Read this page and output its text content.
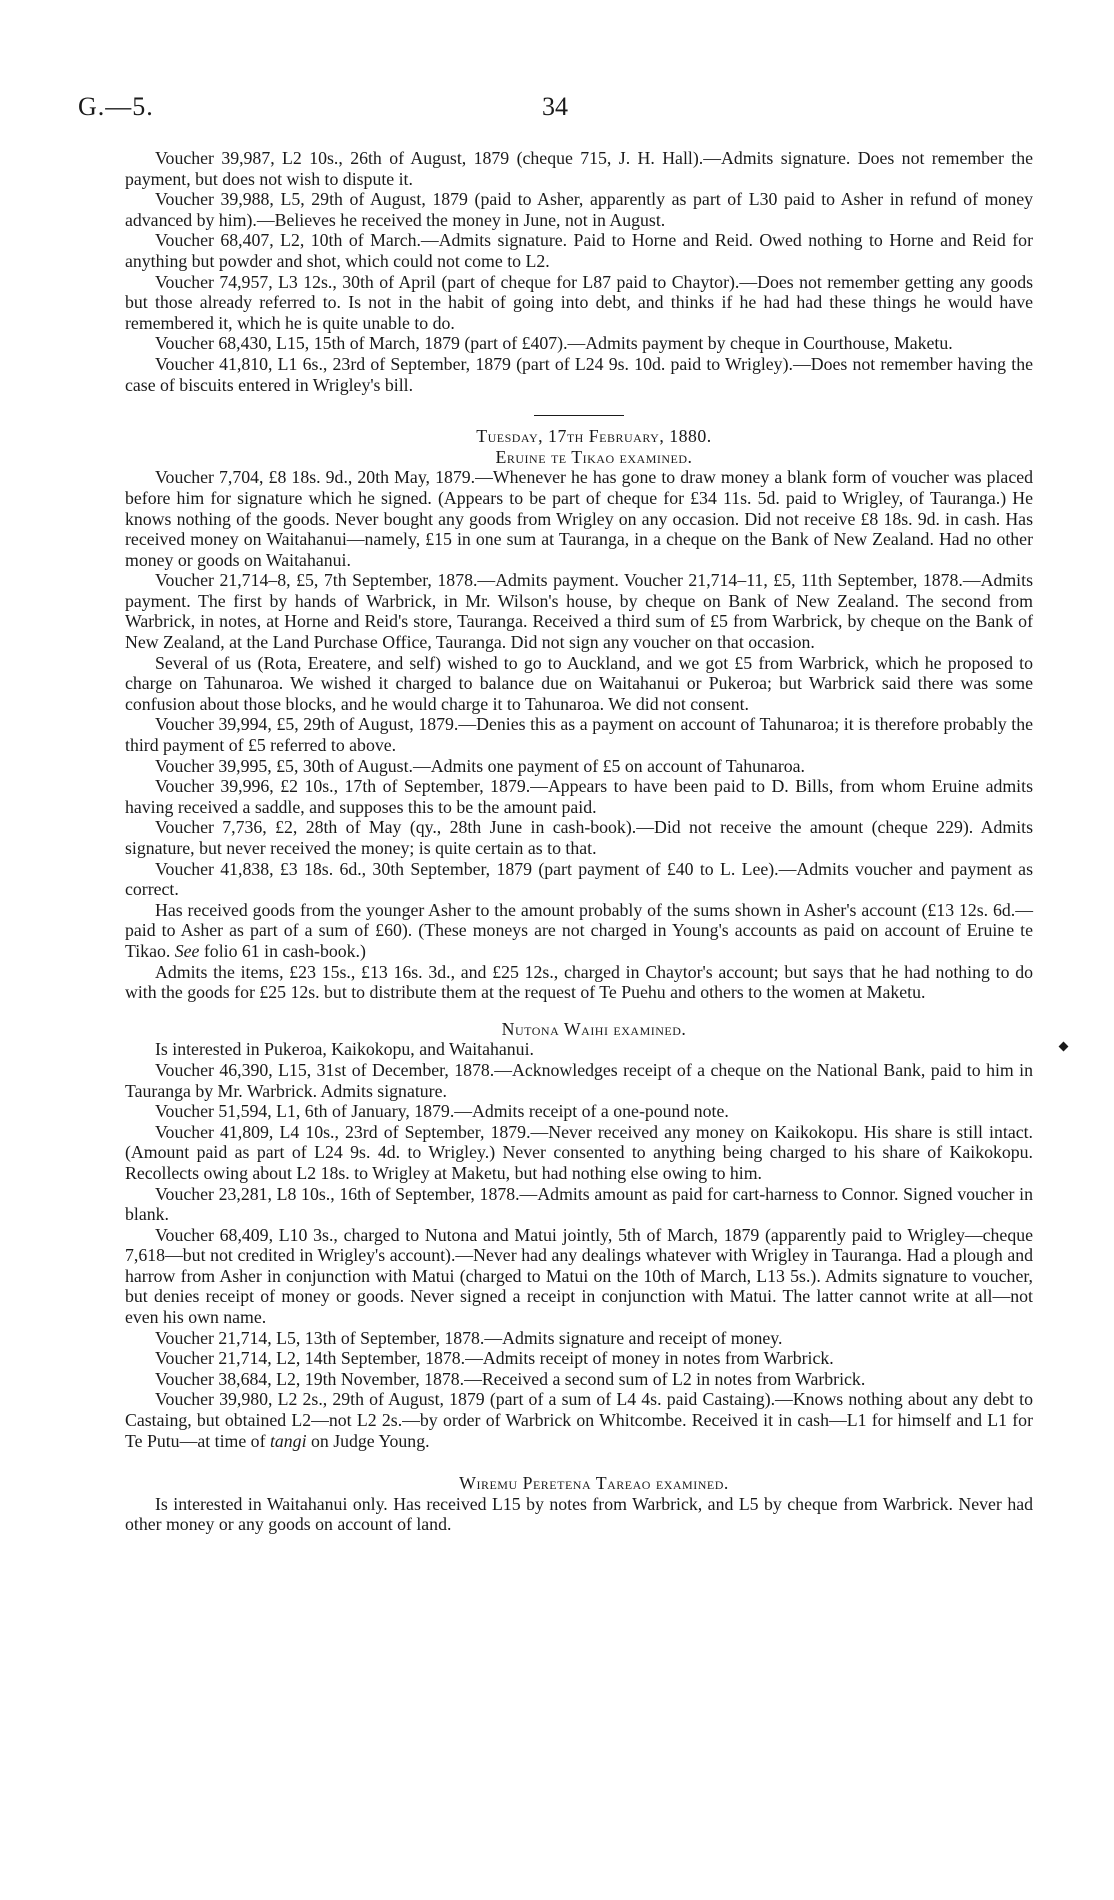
G.—5.	34

Voucher 39,987, L2 10s., 26th of August, 1879 (cheque 715, J. H. Hall).—Admits signature. Does not remember the payment, but does not wish to dispute it.

Voucher 39,988, L5, 29th of August, 1879 (paid to Asher, apparently as part of L30 paid to Asher in refund of money advanced by him).—Believes he received the money in June, not in August.

Voucher 68,407, L2, 10th of March.—Admits signature. Paid to Horne and Reid. Owed nothing to Horne and Reid for anything but powder and shot, which could not come to L2.

Voucher 74,957, L3 12s., 30th of April (part of cheque for L87 paid to Chaytor).—Does not remember getting any goods but those already referred to. Is not in the habit of going into debt, and thinks if he had had these things he would have remembered it, which he is quite unable to do.

Voucher 68,430, L15, 15th of March, 1879 (part of £407).—Admits payment by cheque in Courthouse, Maketu.

Voucher 41,810, L1 6s., 23rd of September, 1879 (part of L24 9s. 10d. paid to Wrigley).—Does not remember having the case of biscuits entered in Wrigley's bill.

Tuesday, 17th February, 1880.

Eruine te Tikao examined.

Voucher 7,704, £8 18s. 9d., 20th May, 1879.—Whenever he has gone to draw money a blank form of voucher was placed before him for signature which he signed. (Appears to be part of cheque for £34 11s. 5d. paid to Wrigley, of Tauranga.) He knows nothing of the goods. Never bought any goods from Wrigley on any occasion. Did not receive £8 18s. 9d. in cash. Has received money on Waitahanui—namely, £15 in one sum at Tauranga, in a cheque on the Bank of New Zealand. Had no other money or goods on Waitahanui.

Voucher 21,714–8, £5, 7th September, 1878.—Admits payment. Voucher 21,714–11, £5, 11th September, 1878.—Admits payment. The first by hands of Warbrick, in Mr. Wilson's house, by cheque on Bank of New Zealand. The second from Warbrick, in notes, at Horne and Reid's store, Tauranga. Received a third sum of £5 from Warbrick, by cheque on the Bank of New Zealand, at the Land Purchase Office, Tauranga. Did not sign any voucher on that occasion.

Several of us (Rota, Ereatere, and self) wished to go to Auckland, and we got £5 from Warbrick, which he proposed to charge on Tahunaroa. We wished it charged to balance due on Waitahanui or Pukeroa; but Warbrick said there was some confusion about those blocks, and he would charge it to Tahunaroa. We did not consent.

Voucher 39,994, £5, 29th of August, 1879.—Denies this as a payment on account of Tahunaroa; it is therefore probably the third payment of £5 referred to above.

Voucher 39,995, £5, 30th of August.—Admits one payment of £5 on account of Tahunaroa.

Voucher 39,996, £2 10s., 17th of September, 1879.—Appears to have been paid to D. Bills, from whom Eruine admits having received a saddle, and supposes this to be the amount paid.

Voucher 7,736, £2, 28th of May (qy., 28th June in cash-book).—Did not receive the amount (cheque 229). Admits signature, but never received the money; is quite certain as to that.

Voucher 41,838, £3 18s. 6d., 30th September, 1879 (part payment of £40 to L. Lee).—Admits voucher and payment as correct.

Has received goods from the younger Asher to the amount probably of the sums shown in Asher's account (£13 12s. 6d.—paid to Asher as part of a sum of £60). (These moneys are not charged in Young's accounts as paid on account of Eruine te Tikao. See folio 61 in cash-book.)

Admits the items, £23 15s., £13 16s. 3d., and £25 12s., charged in Chaytor's account; but says that he had nothing to do with the goods for £25 12s. but to distribute them at the request of Te Puehu and others to the women at Maketu.

Nutona Waihi examined.

Is interested in Pukeroa, Kaikokopu, and Waitahanui.

Voucher 46,390, L15, 31st of December, 1878.—Acknowledges receipt of a cheque on the National Bank, paid to him in Tauranga by Mr. Warbrick. Admits signature.

Voucher 51,594, L1, 6th of January, 1879.—Admits receipt of a one-pound note.

Voucher 41,809, L4 10s., 23rd of September, 1879.—Never received any money on Kaikokopu. His share is still intact. (Amount paid as part of L24 9s. 4d. to Wrigley.) Never consented to anything being charged to his share of Kaikokopu. Recollects owing about L2 18s. to Wrigley at Maketu, but had nothing else owing to him.

Voucher 23,281, L8 10s., 16th of September, 1878.—Admits amount as paid for cart-harness to Connor. Signed voucher in blank.

Voucher 68,409, L10 3s., charged to Nutona and Matui jointly, 5th of March, 1879 (apparently paid to Wrigley—cheque 7,618—but not credited in Wrigley's account).—Never had any dealings whatever with Wrigley in Tauranga. Had a plough and harrow from Asher in conjunction with Matui (charged to Matui on the 10th of March, L13 5s.). Admits signature to voucher, but denies receipt of money or goods. Never signed a receipt in conjunction with Matui. The latter cannot write at all—not even his own name.

Voucher 21,714, L5, 13th of September, 1878.—Admits signature and receipt of money.

Voucher 21,714, L2, 14th September, 1878.—Admits receipt of money in notes from Warbrick.

Voucher 38,684, L2, 19th November, 1878.—Received a second sum of L2 in notes from Warbrick.

Voucher 39,980, L2 2s., 29th of August, 1879 (part of a sum of L4 4s. paid Castaing).—Knows nothing about any debt to Castaing, but obtained L2—not L2 2s.—by order of Warbrick on Whitcombe. Received it in cash—L1 for himself and L1 for Te Putu—at time of tangi on Judge Young.

Wiremu Peretena Tareao examined.

Is interested in Waitahanui only. Has received L15 by notes from Warbrick, and L5 by cheque from Warbrick. Never had other money or any goods on account of land.
